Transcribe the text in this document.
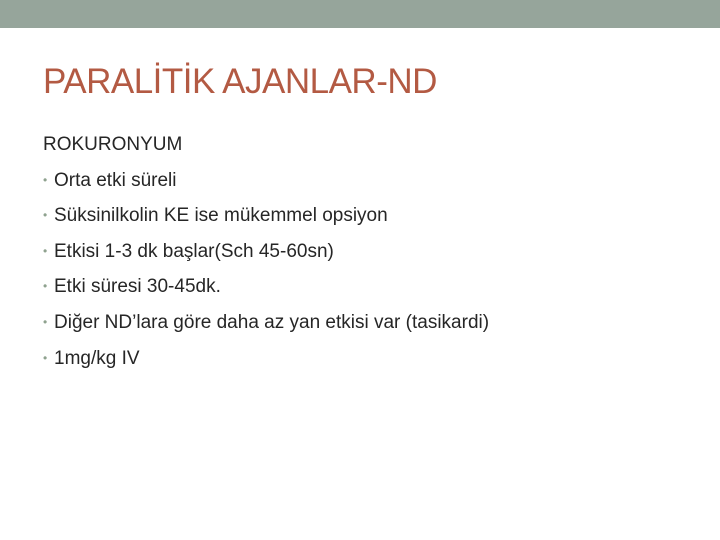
PARALİTİK AJANLAR-ND
ROKURONYUM
• Orta etki süreli
• Süksinilkolin KE ise mükemmel opsiyon
• Etkisi 1-3 dk başlar(Sch 45-60sn)
• Etki süresi 30-45dk.
• Diğer ND’lara göre daha az yan etkisi var (tasikardi)
• 1mg/kg IV
